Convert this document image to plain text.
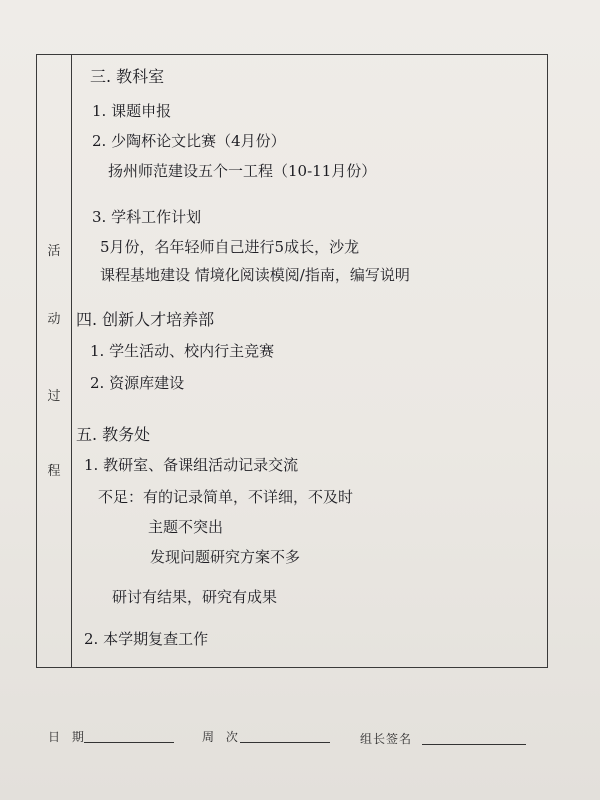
活
动
过
程
三. 教科室
1. 课题申报
2. 少陶杯论文比赛（4月份）
扬州师范建设五个一工程（10-11月份）
3. 学科工作计划
5月份，名年轻师自己进行5成长，沙龙
课程基地建设 情境化阅读模阅/指南，编写说明
四. 创新人才培养部
1. 学生活动、校内行主竞赛
2. 资源库建设
五. 教务处
1. 教研室、备课组活动记录交流
不足：有的记录简单，不详细，不及时
主题不突出
发现问题研究方案不多
研讨有结果，研究有成果
2. 本学期复查工作
日 期	周 次	组长签名
